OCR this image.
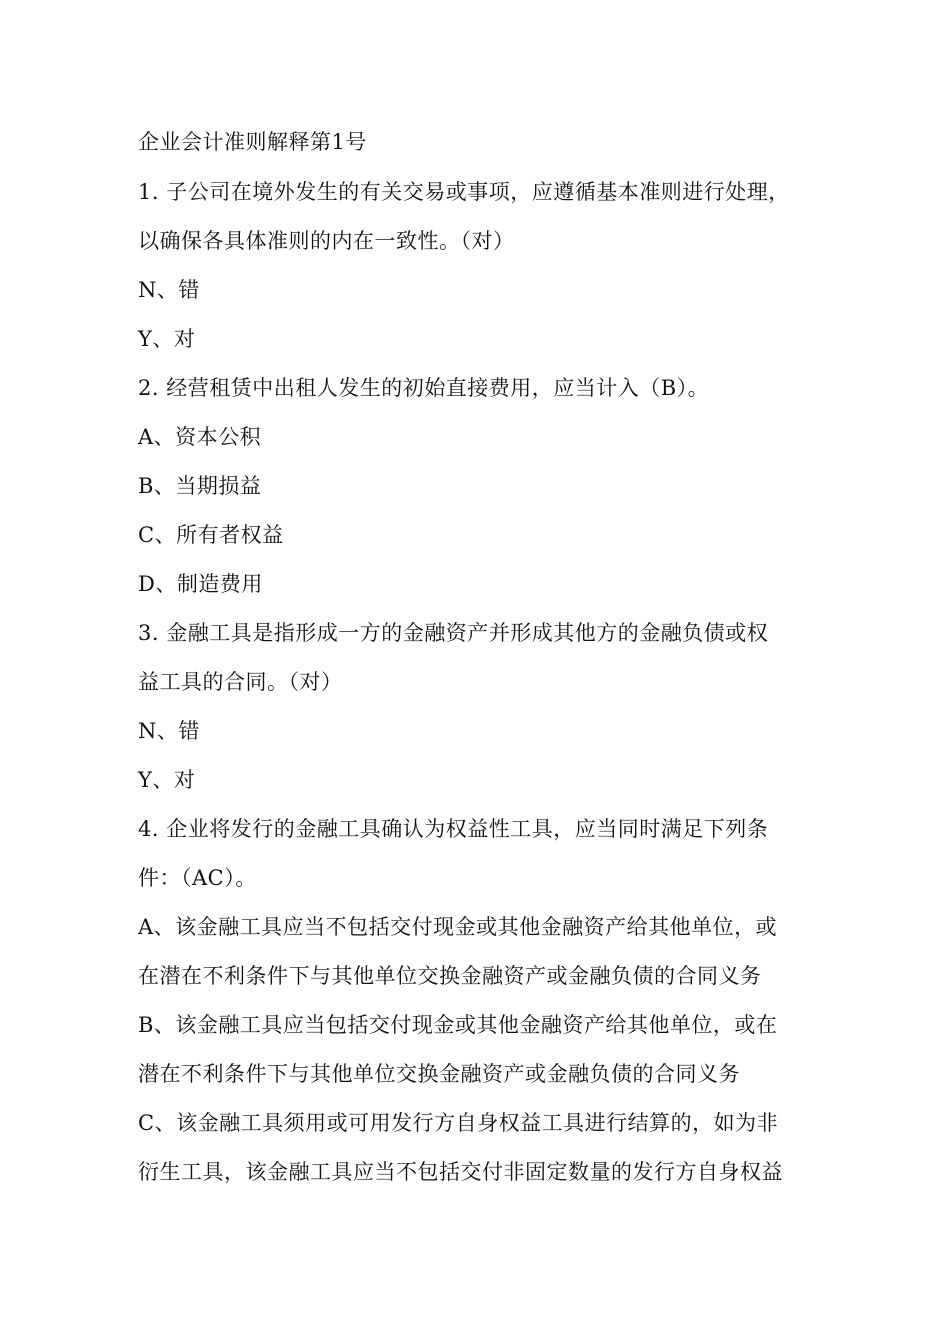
企业会计准则解释第1号
1. 子公司在境外发生的有关交易或事项，应遵循基本准则进行处理，
以确保各具体准则的内在一致性。（对）
N、错
Y、对
2. 经营租赁中出租人发生的初始直接费用，应当计入（B）。
A、资本公积
B、当期损益
C、所有者权益
D、制造费用
3. 金融工具是指形成一方的金融资产并形成其他方的金融负债或权
益工具的合同。（对）
N、错
Y、对
4. 企业将发行的金融工具确认为权益性工具，应当同时满足下列条
件：（AC）。
A、该金融工具应当不包括交付现金或其他金融资产给其他单位，或
在潜在不利条件下与其他单位交换金融资产或金融负债的合同义务
B、该金融工具应当包括交付现金或其他金融资产给其他单位，或在
潜在不利条件下与其他单位交换金融资产或金融负债的合同义务
C、该金融工具须用或可用发行方自身权益工具进行结算的，如为非
衍生工具，该金融工具应当不包括交付非固定数量的发行方自身权益
